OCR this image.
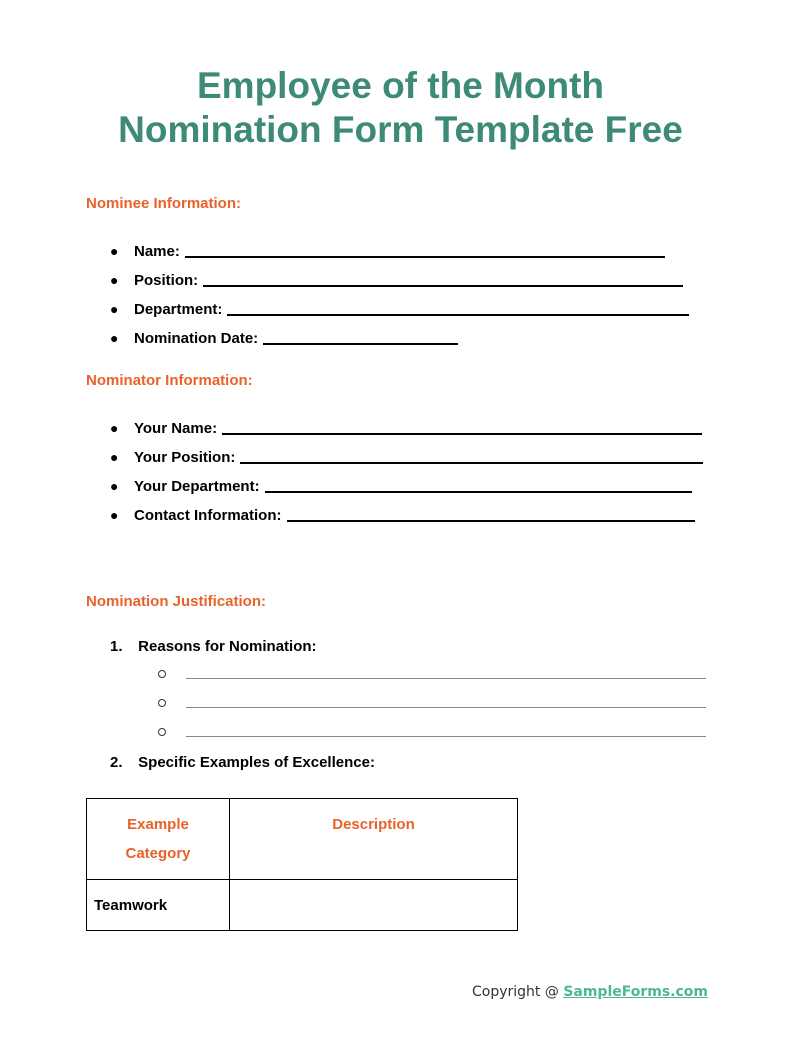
Employee of the Month
Nomination Form Template Free
Nominee Information:
●	Name:
●	Position:
●	Department:
●	Nomination Date:
Nominator Information:
●	Your Name:
●	Your Position:
●	Your Department:
●	Contact Information:
Nomination Justification:
1. Reasons for Nomination:
2. Specific Examples of Excellence:
Example
Category	Description

Teamwork	
Copyright @ SampleForms.com
